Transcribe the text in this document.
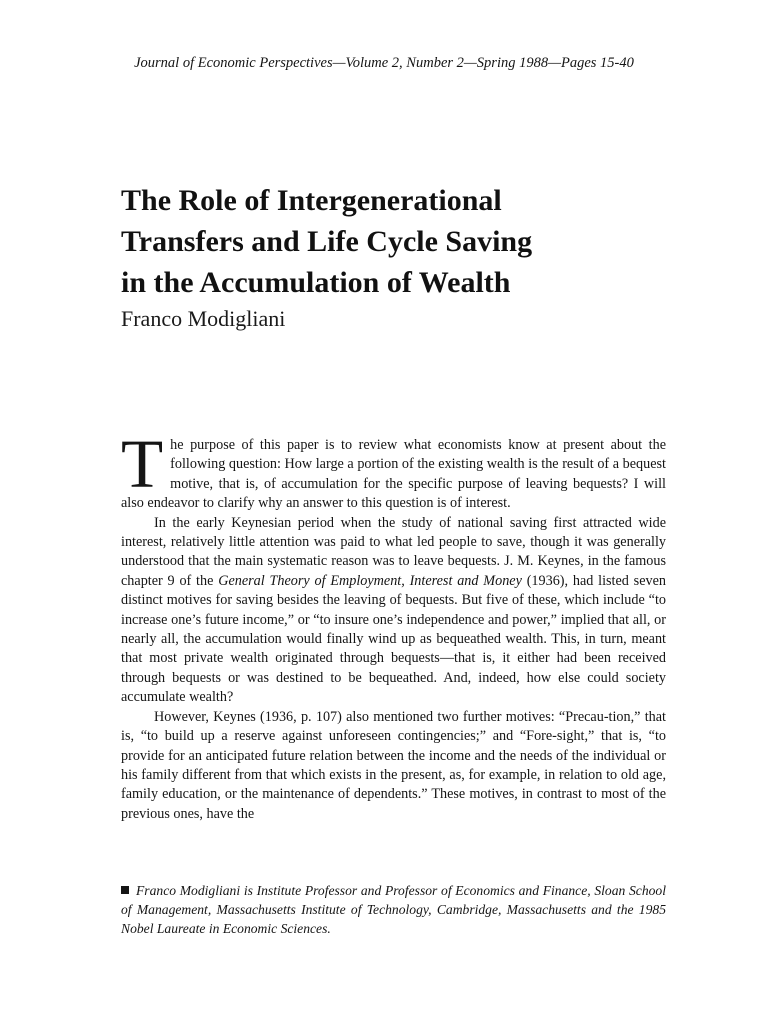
Journal of Economic Perspectives—Volume 2, Number 2—Spring 1988—Pages 15-40
The Role of Intergenerational
Transfers and Life Cycle Saving
in the Accumulation of Wealth
Franco Modigliani

The purpose of this paper is to review what economists know at present about the following question: How large a portion of the existing wealth is the result of a bequest motive, that is, of accumulation for the specific purpose of leaving bequests? I will also endeavor to clarify why an answer to this question is of interest.

In the early Keynesian period when the study of national saving first attracted wide interest, relatively little attention was paid to what led people to save, though it was generally understood that the main systematic reason was to leave bequests. J. M. Keynes, in the famous chapter 9 of the General Theory of Employment, Interest and Money (1936), had listed seven distinct motives for saving besides the leaving of bequests. But five of these, which include “to increase one’s future income,” or “to insure one’s independence and power,” implied that all, or nearly all, the accumulation would finally wind up as bequeathed wealth. This, in turn, meant that most private wealth originated through bequests—that is, it either had been received through bequests or was destined to be bequeathed. And, indeed, how else could society accumulate wealth?

However, Keynes (1936, p. 107) also mentioned two further motives: “Precau-tion,” that is, “to build up a reserve against unforeseen contingencies;” and “Fore-sight,” that is, “to provide for an anticipated future relation between the income and the needs of the individual or his family different from that which exists in the present, as, for example, in relation to old age, family education, or the maintenance of dependents.” These motives, in contrast to most of the previous ones, have the

Franco Modigliani is Institute Professor and Professor of Economics and Finance, Sloan School of Management, Massachusetts Institute of Technology, Cambridge, Massachusetts and the 1985 Nobel Laureate in Economic Sciences.
